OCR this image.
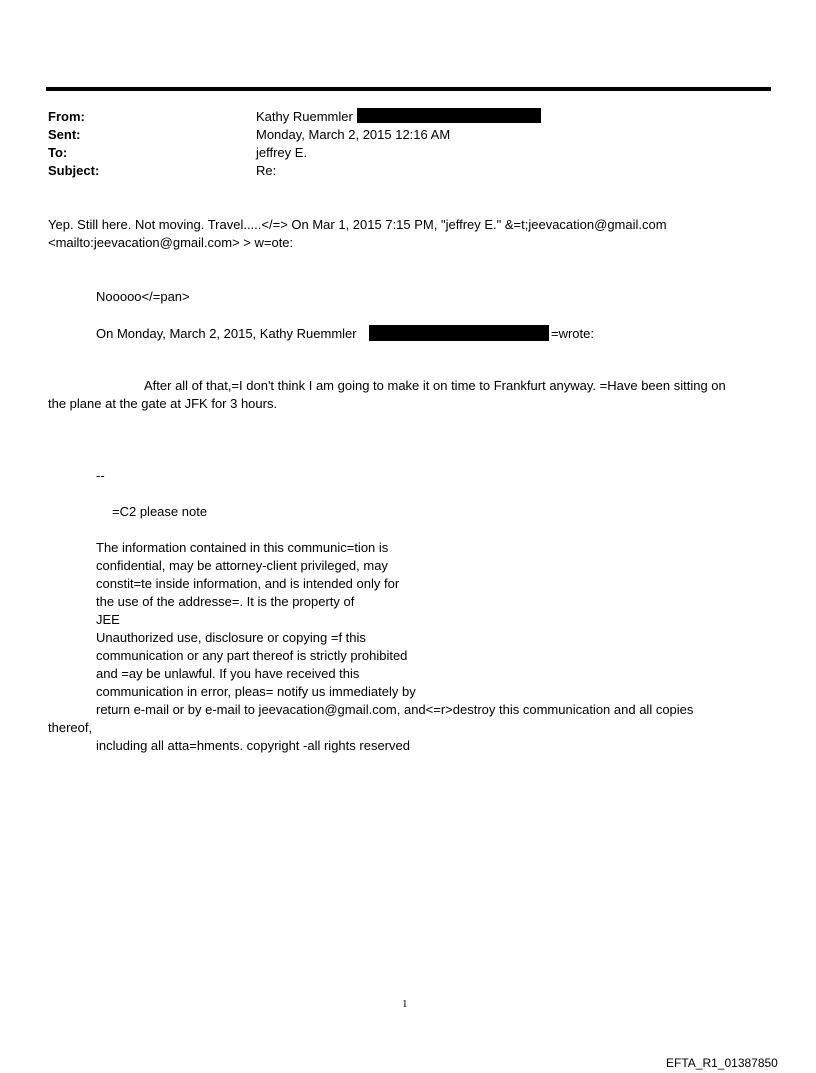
From:	Kathy Ruemmler
Sent:	Monday, March 2, 2015 12:16 AM
To:	jeffrey E.
Subject:	Re:
Yep. Still here. Not moving. Travel.....</=> On Mar 1, 2015 7:15 PM, "jeffrey E." &=t;jeevacation@gmail.com
<mailto:jeevacation@gmail.com> > w=ote:
Nooooo</=pan>
On Monday, March 2, 2015, Kathy Ruemmler	=wrote:
After all of that,=I don't think I am going to make it on time to Frankfurt anyway. =Have been sitting on
the plane at the gate at JFK for 3 hours.
--
=C2 please note
The information contained in this communic=tion is
confidential, may be attorney-client privileged, may
constit=te inside information, and is intended only for
the use of the addresse=. It is the property of
JEE
Unauthorized use, disclosure or copying =f this
communication or any part thereof is strictly prohibited
and =ay be unlawful. If you have received this
communication in error, pleas= notify us immediately by
return e-mail or by e-mail to jeevacation@gmail.com, and<=r>destroy this communication and all copies
thereof,
including all atta=hments. copyright -all rights reserved
1
EFTA_R1_01387850
